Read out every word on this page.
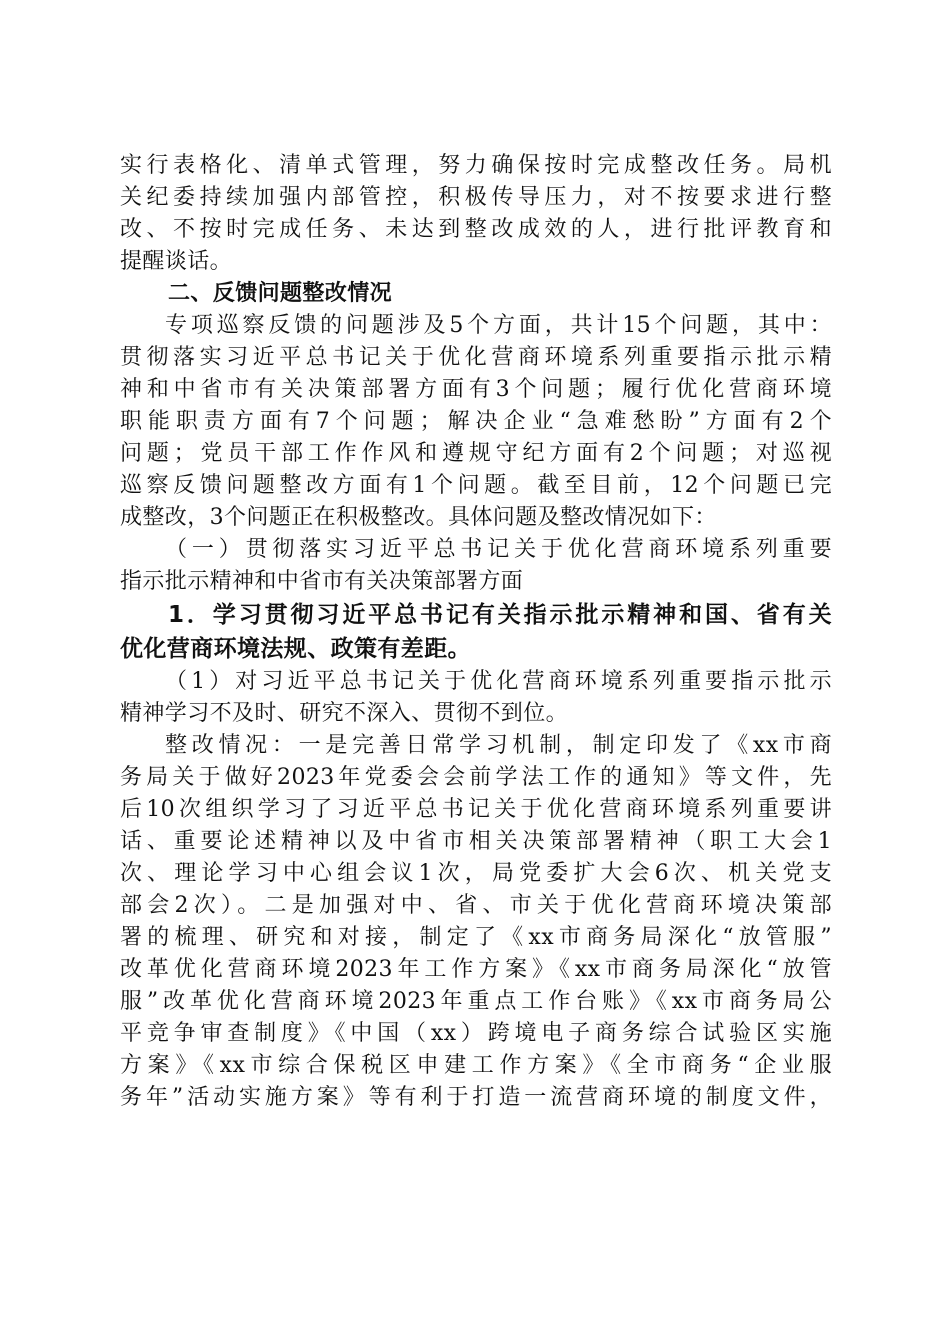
实行表格化、清单式管理，努力确保按时完成整改任务。局机
关纪委持续加强内部管控，积极传导压力，对不按要求进行整
改、不按时完成任务、未达到整改成效的人，进行批评教育和
提醒谈话。
二、反馈问题整改情况
专项巡察反馈的问题涉及5个方面，共计15个问题，其中：
贯彻落实习近平总书记关于优化营商环境系列重要指示批示精
神和中省市有关决策部署方面有3个问题；履行优化营商环境
职能职责方面有7个问题；解决企业“急难愁盼”方面有2个
问题；党员干部工作作风和遵规守纪方面有2个问题；对巡视
巡察反馈问题整改方面有1个问题。截至目前，12个问题已完
成整改，3个问题正在积极整改。具体问题及整改情况如下：
（一）贯彻落实习近平总书记关于优化营商环境系列重要
指示批示精神和中省市有关决策部署方面
1．学习贯彻习近平总书记有关指示批示精神和国、省有关
优化营商环境法规、政策有差距。
（1）对习近平总书记关于优化营商环境系列重要指示批示
精神学习不及时、研究不深入、贯彻不到位。
整改情况：一是完善日常学习机制，制定印发了《xx市商
务局关于做好2023年党委会会前学法工作的通知》等文件，先
后10次组织学习了习近平总书记关于优化营商环境系列重要讲
话、重要论述精神以及中省市相关决策部署精神（职工大会1
次、理论学习中心组会议1次，局党委扩大会6次、机关党支
部会2次）。二是加强对中、省、市关于优化营商环境决策部
署的梳理、研究和对接，制定了《xx市商务局深化“放管服”
改革优化营商环境2023年工作方案》《xx市商务局深化“放管
服”改革优化营商环境2023年重点工作台账》《xx市商务局公
平竞争审查制度》《中国（xx）跨境电子商务综合试验区实施
方案》《xx市综合保税区申建工作方案》《全市商务“企业服
务年”活动实施方案》等有利于打造一流营商环境的制度文件，
